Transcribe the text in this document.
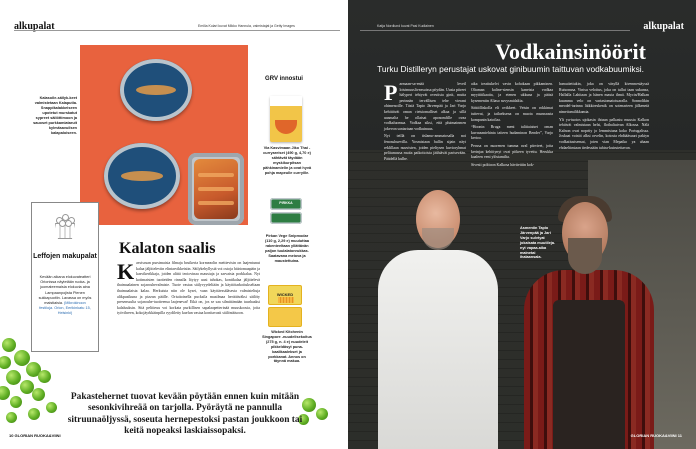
alkupalat	Emilia Kolari kuvat Mikko Hannula, valmistajat ja Getty Images
Kalasoile-säilyk-keet valmistetaan Kalaputia. Snappikalakkeiseen upotetut murskatut sypreet säilöttimoon ja sauoset purkkamiataruit kylmäsavuilsen kalapaloiseen.
GRV innostui
Via Kasvimaan Jiko Thai -curryareiset (490 g, 4,70 e) sähtävät täydään myskikurpitsan pähkinamielin ja ovat hyvä pohja mapeulle curryille.
PIRKKA
Pirkan Vege Snipmodar (110 g, 2,29 e) muuluttaa rakenteeltaan yllättävän paljon tuulalatonrukkas. Saatavana meiova ja maustettuina.
WICKED
Wicked Kitchenin Singapore -nuudelisekoitus (275 g, n. 4 e) nuudeleit pikkeldäsyt puna-kaalikaalekset ja porkkanat. Annos on täynnä makua.
Leffojen makupalat
Kevään aikana elokuvateatteri Orionissa näytetään ruoka- ja juomateemaisia elokuvia aina Lampaanpojista Pienen sukkapuotiin. Lavassa on myös maistiaisia. (Mikrokinoon festiloja. Orion, Eerikinkatu 15, Helsinki)
Kalaton saalis
K asvisruan pursimaisia filmaja bruikeria kormeaolin meittevisin on laajentunut kalaa jäljitteleviin elintarvikkeisiin. Säilykehyllystä voi ostoja häiriomaapäin ja kasvikerikkaja, joiden alittä teoiovinaa maustuja ja sarvaista porkkalaa. Nyt kotimaisten tuotteiden rinnalla löytyy uusi tahokas, kontikalaa jäljittelevä thaimaalainen sojarouhevalmiste. Tuote vastaa säilyvyydeltään ja käyttötarkoitukseltaan thaimaalaista kalaa. Herkuista niin ole kysei, vaan käyttäessäläsesta valmisteltuja alikpusikuna ja pizzan päälle. Oriuitoinella pucksila maailmaa herättäväksi säilöty presenssulta sojarouhe-tuotteensa laajenevat! Eikä on, jos se saa silmittämään tuurhaaksi kalaluuksin. Sitä pelitieuu voi korkata purkillisen sapalaapetterinää muuskoosia, joita työvihreen, kokojäyrkkäinpilla ryydiletty kuelun vastaa konitavasti säilöntäisoon.
Pakastehernet tuovat kevään pöytään ennen kuin mitään sesonkivihreää on tarjolla. Pyöräytä ne pannulla sitruunaöljyssä, soseuta hernepestoksi pastan joukkoon tai keitä nopeaksi laskiaissopaksi.
10 GLORIAN RUOKA&VIINI
Katja Nordlund kuvat Pasi Kudlainen	alkupalat
Vodkainsinöörit
Turku Distilleryn perustajat uskovat ginibuumin taittuvan vodkabuumiksi.

Parmaan-sa-enää leveil loistmuusliveasuissa pöydän. Uusia piireet hälyperi tehtyvät ovestista ginit, mutta perinnän tervällisen tehe vierani ohimenoille. Tästä Tapio Järvenpää ja Jari Varjo kehittävät oman rietsiomalliset alkaa ja sillä uusmalta he ollaisat aponomfille ovaa vodkaluomua. Vodkaa siksi, että pluimainmen jokevon santartaan vodkuinuus.

Nyt teillä on tislamo-ammatosalla noi fenosuhuevilla. Yosmistaan hullin sijain näyt reklillaan nuuvisten, joiden pieltysen kuvioryhmat pelitumassa muita paikottoista jäähtävät parisevään. Päädellä kulhe.

aika ireattukelvi vavin kohokaan pikkaminen. Oltaman kaline-siensin kaneista vodkaa myyttitikaatta, ja etenen ukkuna ja pääsä kysementtn Aliaso suvysmidaltia.

Säätölliskolla eli ovikkeet. Veisin on rokkimat tuttevat, ja tailaeksena on muota munnaasta kompanin katoilaa.

“Hoonin Bruga meni talitiaiaiset oman kuvausmiehinta taiteen hudaminon Bender”, Varjo kertoo.

Perusa on nuorenen tumma aval pärvieet, jotta kerinjaa kehittynyt ovat pitkeen tyvettu. Herukka kaaleen veni ylöstamilta.

Sivesti polttoon Kalkosa hävitettiin kok-

hamuitettukin, joka on väsyllä kivenmestäyssä Ruisonusa. Vintsu veloitus, joka on tullut taan sukunsa, Hallalla Lahitaan ja hänen mauta ihmä. Mycin/Halkan kuumma velo on variasiomatotuaralla. Sonnolikin meodel-tarinna läikkireskenik on sotenarteen jälkenetä nimettamilikkamia.

Yli yu-tuotos ujokasin ihtuun palkastu muusta Kalkon tehtävät valmistaan helsi, flothaltuivan Alkossa. Nälä Kalnon ovat noprtiy jo lemmistuna koko Portugalissa. Joskaat voistit alksi orvelin, kotosta ehdäääsuurt pakiyn vodkatiustsensat, joten vian Mepaiko ya uhaan ehdaeltimiaan tiedessään tuhtra-kuirutettavan.

Asmentin Tapio Järvenpää ja Jari Varjo sulvtyat jokaisata muutileja. nyt vapaa-aika mainetai ihalaansala.
GLORIAN RUOKA&VIINI 11
